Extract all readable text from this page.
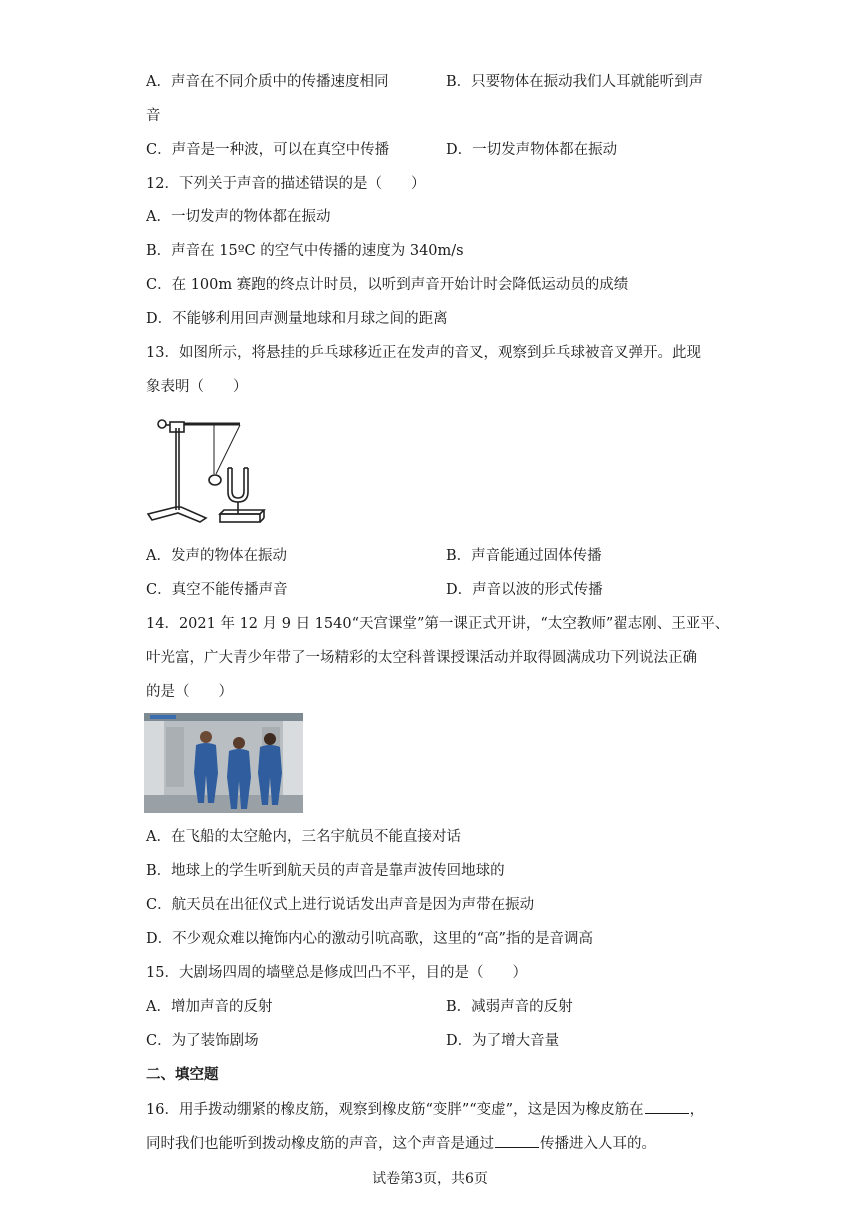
A．声音在不同介质中的传播速度相同	B．只要物体在振动我们人耳就能听到声
音
C．声音是一种波，可以在真空中传播	D．一切发声物体都在振动
12．下列关于声音的描述错误的是（　　）
A．一切发声的物体都在振动
B．声音在 15ºC 的空气中传播的速度为 340m/s
C．在 100m 赛跑的终点计时员，以听到声音开始计时会降低运动员的成绩
D．不能够利用回声测量地球和月球之间的距离
13．如图所示，将悬挂的乒乓球移近正在发声的音叉，观察到乒乓球被音叉弹开。此现
象表明（　　）
A．发声的物体在振动	B．声音能通过固体传播
C．真空不能传播声音	D．声音以波的形式传播
14．2021 年 12 月 9 日 1540“天宫课堂”第一课正式开讲，“太空教师”翟志刚、王亚平、
叶光富，广大青少年带了一场精彩的太空科普课授课活动并取得圆满成功下列说法正确
的是（　　）
A．在飞船的太空舱内，三名宇航员不能直接对话
B．地球上的学生听到航天员的声音是靠声波传回地球的
C．航天员在出征仪式上进行说话发出声音是因为声带在振动
D．不少观众难以掩饰内心的激动引吭高歌，这里的“高”指的是音调高
15．大剧场四周的墙壁总是修成凹凸不平，目的是（　　）
A．增加声音的反射	B．减弱声音的反射
C．为了装饰剧场	D．为了增大音量
二、填空题
16．用手拨动绷紧的橡皮筋，观察到橡皮筋“变胖”“变虚”，这是因为橡皮筋在	，
同时我们也能听到拨动橡皮筋的声音，这个声音是通过	传播进入人耳的。
试卷第3页，共6页
